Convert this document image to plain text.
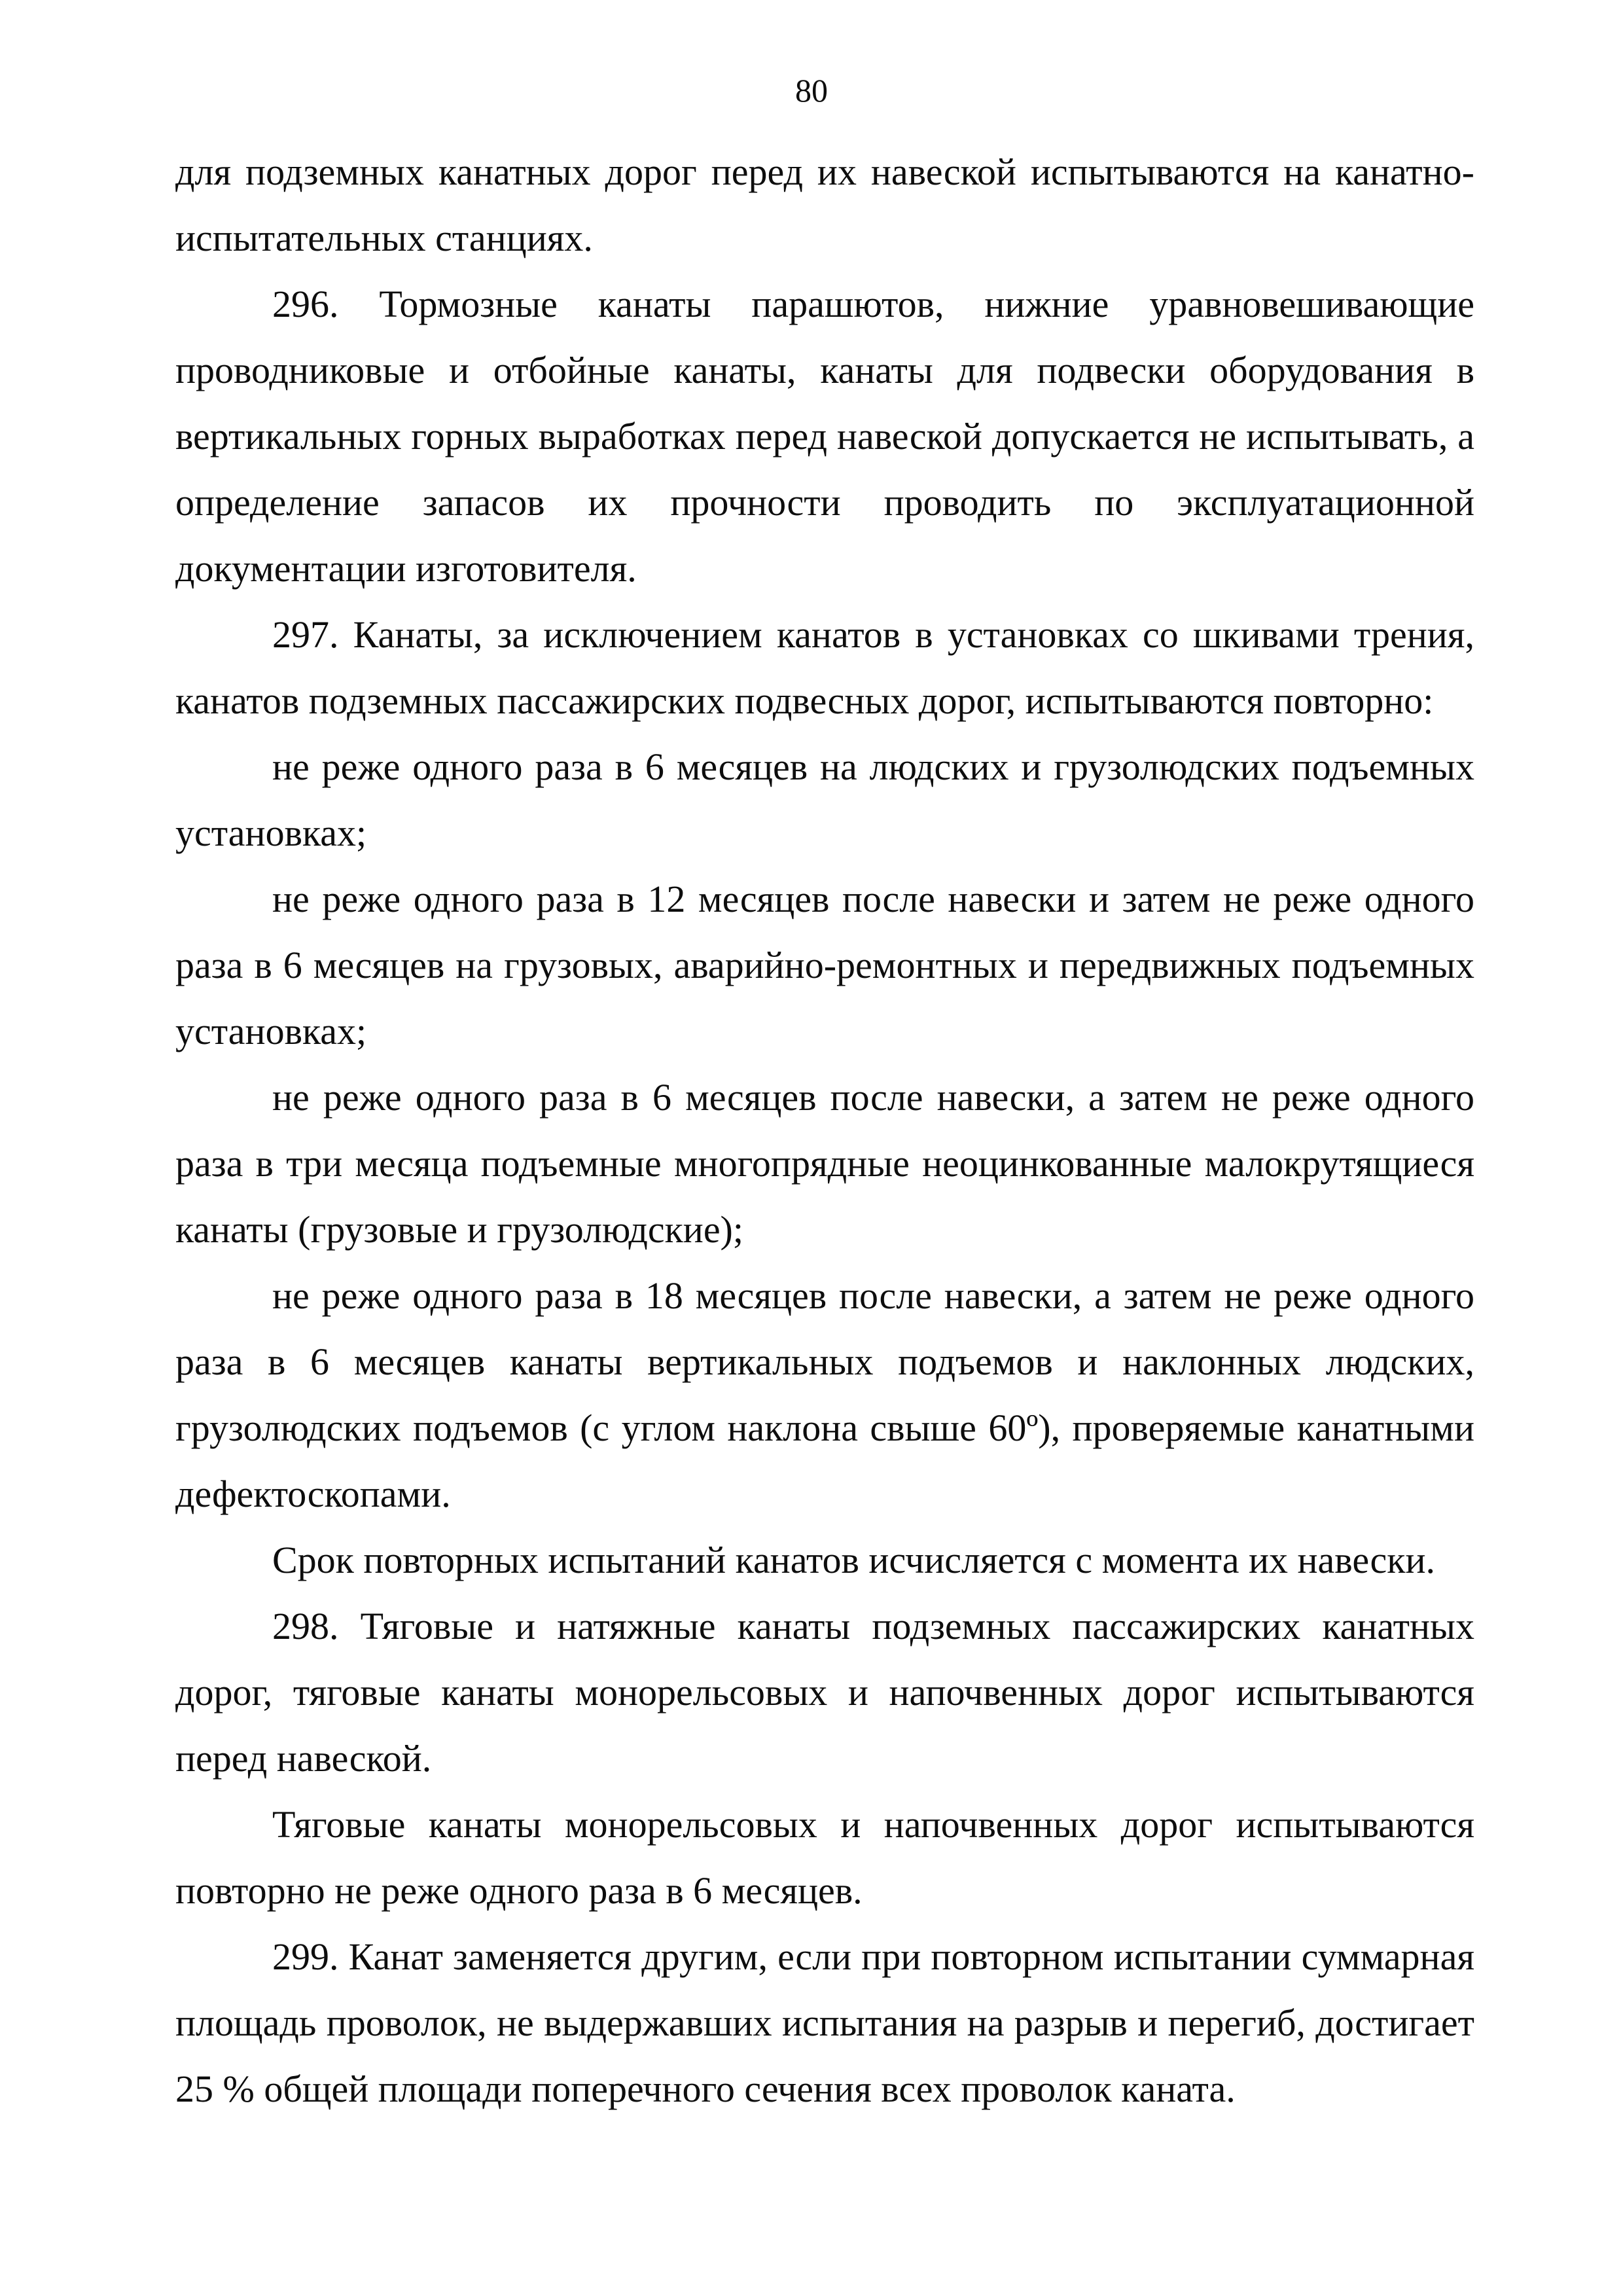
80

для подземных канатных дорог перед их навеской испытываются на канатно-испытательных станциях.

296. Тормозные канаты парашютов, нижние уравновешивающие проводниковые и отбойные канаты, канаты для подвески оборудования в вертикальных горных выработках перед навеской допускается не испытывать, а определение запасов их прочности проводить по эксплуатационной документации изготовителя.

297. Канаты, за исключением канатов в установках со шкивами трения, канатов подземных пассажирских подвесных дорог, испытываются повторно:

не реже одного раза в 6 месяцев на людских и грузолюдских подъемных установках;

не реже одного раза в 12 месяцев после навески и затем не реже одного раза в 6 месяцев на грузовых, аварийно-ремонтных и передвижных подъемных установках;

не реже одного раза в 6 месяцев после навески, а затем не реже одного раза в три месяца подъемные многопрядные неоцинкованные малокрутящиеся канаты (грузовые и грузолюдские);

не реже одного раза в 18 месяцев после навески, а затем не реже одного раза в 6 месяцев канаты вертикальных подъемов и наклонных людских, грузолюдских подъемов (с углом наклона свыше 60º), проверяемые канатными дефектоскопами.

Срок повторных испытаний канатов исчисляется с момента их навески.

298. Тяговые и натяжные канаты подземных пассажирских канатных дорог, тяговые канаты монорельсовых и напочвенных дорог испытываются перед навеской.

Тяговые канаты монорельсовых и напочвенных дорог испытываются повторно не реже одного раза в 6 месяцев.

299. Канат заменяется другим, если при повторном испытании суммарная площадь проволок, не выдержавших испытания на разрыв и перегиб, достигает 25 % общей площади поперечного сечения всех проволок каната.
